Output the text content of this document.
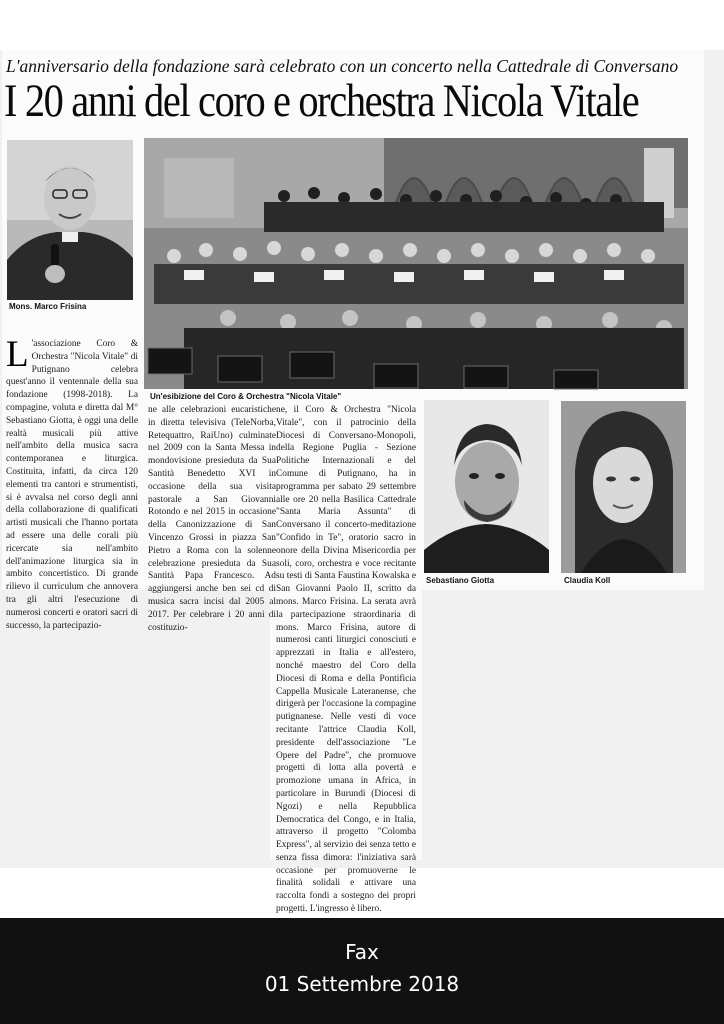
L'anniversario della fondazione sarà celebrato con un concerto nella Cattedrale di Conversano
I 20 anni del coro e orchestra Nicola Vitale
Mons. Marco Frisina
Un'esibizione del Coro & Orchestra "Nicola Vitale"
Sebastiano Giotta	Claudia Koll
L 'associazione Coro & Orchestra "Nicola Vitale" di Putignano celebra quest'anno il ventennale della sua fondazione (1998-2018). La compagine, voluta e diretta dal M° Sebastiano Giotta, è oggi una delle realtà musicali più attive nell'ambito della musica sacra contemporanea e liturgica. Costituita, infatti, da circa 120 elementi tra cantori e strumentisti, si è avvalsa nel corso degli anni della collaborazione di qualificati artisti musicali che l'hanno portata ad essere una delle corali più ricercate sia nell'ambito dell'animazione liturgica sia in ambito concertistico. Di grande rilievo il curriculum che annovera tra gli altri l'esecuzione di numerosi concerti e oratori sacri di successo, la partecipazio-
ne alle celebrazioni eucaristiche in diretta televisiva (TeleNorba, Retequattro, RaiUno) culminate nel 2009 con la Santa Messa in mondovisione presieduta da Sua Santità Benedetto XVI in occasione della sua visita pastorale a San Giovanni Rotondo e nel 2015 in occasione della Canonizzazione di San Vincenzo Grossi in piazza San Pietro a Roma con la solenne celebrazione presieduta da Sua Santità Papa Francesco. Ad aggiungersi anche ben sei cd di musica sacra incisi dal 2005 al 2017. Per celebrare i 20 anni di costituzio-
ne, il Coro & Orchestra "Nicola Vitale", con il patrocinio della Diocesi di Conversano-Monopoli, della Regione Puglia - Sezione Politiche Internazionali e del Comune di Putignano, ha in programma per sabato 29 settembre alle ore 20 nella Basilica Cattedrale "Santa Maria Assunta" di Conversano il concerto-meditazione "Confido in Te", oratorio sacro in onore della Divina Misericordia per soli, coro, orchestra e voce recitante su testi di Santa Faustina Kowalska e San Giovanni Paolo II, scritto da mons. Marco Frisina. La serata avrà la partecipazione straordinaria di mons. Marco Frisina, autore di numerosi canti liturgici conosciuti e apprezzati in Italia e all'estero, nonché maestro del Coro della Diocesi di Roma e della Pontificia Cappella Musicale Lateranense, che dirigerà per l'occasione la compagine putignanese. Nelle vesti di voce recitante l'attrice Claudia Koll, presidente dell'associazione "Le Opere del Padre", che promuove progetti di lotta alla povertà e promozione umana in Africa, in particolare in Burundi (Diocesi di Ngozi) e nella Repubblica Democratica del Congo, e in Italia, attraverso il progetto "Colomba Express", al servizio dei senza tetto e senza fissa dimora: l'iniziativa sarà occasione per promuoverne le finalità solidali e attivare una raccolta fondi a sostegno dei propri progetti. L'ingresso è libero.
Fax
01 Settembre 2018
